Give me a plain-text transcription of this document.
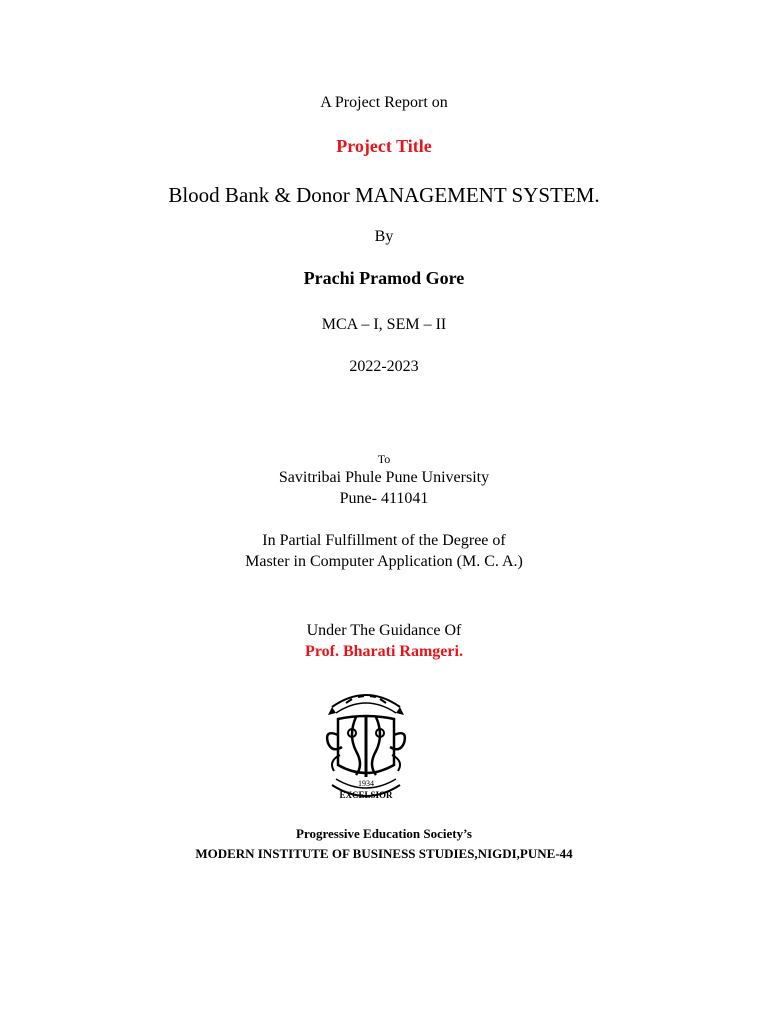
A Project Report on
Project Title
Blood Bank & Donor MANAGEMENT SYSTEM.
By
Prachi Pramod Gore
MCA – I, SEM – II
2022-2023
To
Savitribai Phule Pune University
Pune- 411041
In Partial Fulfillment of the Degree of
Master in Computer Application (M. C. A.)
Under The Guidance Of
Prof. Bharati Ramgeri.
1934
EXCELSIOR
Progressive Education Society’s
MODERN INSTITUTE OF BUSINESS STUDIES,NIGDI,PUNE-44
